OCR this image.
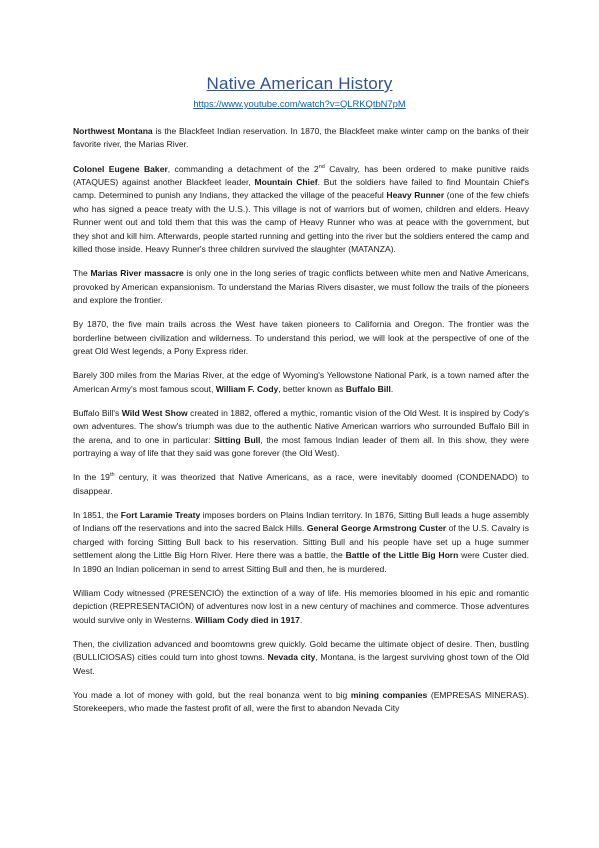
Native American History
https://www.youtube.com/watch?v=QLRKQtbN7pM

Northwest Montana is the Blackfeet Indian reservation. In 1870, the Blackfeet make winter camp on the banks of their favorite river, the Marias River.

Colonel Eugene Baker, commanding a detachment of the 2nd Cavalry, has been ordered to make punitive raids (ATAQUES) against another Blackfeet leader, Mountain Chief. But the soldiers have failed to find Mountain Chief's camp. Determined to punish any Indians, they attacked the village of the peaceful Heavy Runner (one of the few chiefs who has signed a peace treaty with the U.S.). This village is not of warriors but of women, children and elders. Heavy Runner went out and told them that this was the camp of Heavy Runner who was at peace with the government, but they shot and kill him. Afterwards, people started running and getting into the river but the soldiers entered the camp and killed those inside. Heavy Runner's three children survived the slaughter (MATANZA).

The Marias River massacre is only one in the long series of tragic conflicts between white men and Native Americans, provoked by American expansionism. To understand the Marias Rivers disaster, we must follow the trails of the pioneers and explore the frontier.

By 1870, the five main trails across the West have taken pioneers to California and Oregon. The frontier was the borderline between civilization and wilderness. To understand this period, we will look at the perspective of one of the great Old West legends, a Pony Express rider.

Barely 300 miles from the Marias River, at the edge of Wyoming's Yellowstone National Park, is a town named after the American Army's most famous scout, William F. Cody, better known as Buffalo Bill.

Buffalo Bill's Wild West Show created in 1882, offered a mythic, romantic vision of the Old West. It is inspired by Cody's own adventures. The show's triumph was due to the authentic Native American warriors who surrounded Buffalo Bill in the arena, and to one in particular: Sitting Bull, the most famous Indian leader of them all. In this show, they were portraying a way of life that they said was gone forever (the Old West).

In the 19th century, it was theorized that Native Americans, as a race, were inevitably doomed (CONDENADO) to disappear.

In 1851, the Fort Laramie Treaty imposes borders on Plains Indian territory. In 1876, Sitting Bull leads a huge assembly of Indians off the reservations and into the sacred Balck Hills. General George Armstrong Custer of the U.S. Cavalry is charged with forcing Sitting Bull back to his reservation. Sitting Bull and his people have set up a huge summer settlement along the Little Big Horn River. Here there was a battle, the Battle of the Little Big Horn were Custer died. In 1890 an Indian policeman in send to arrest Sitting Bull and then, he is murdered.

William Cody witnessed (PRESENCIÓ) the extinction of a way of life. His memories bloomed in his epic and romantic depiction (REPRESENTACIÓN) of adventures now lost in a new century of machines and commerce. Those adventures would survive only in Westerns. William Cody died in 1917.

Then, the civilization advanced and boomtowns grew quickly. Gold became the ultimate object of desire. Then, bustling (BULLICIOSAS) cities could turn into ghost towns. Nevada city, Montana, is the largest surviving ghost town of the Old West.

You made a lot of money with gold, but the real bonanza went to big mining companies (EMPRESAS MINERAS). Storekeepers, who made the fastest profit of all, were the first to abandon Nevada City
